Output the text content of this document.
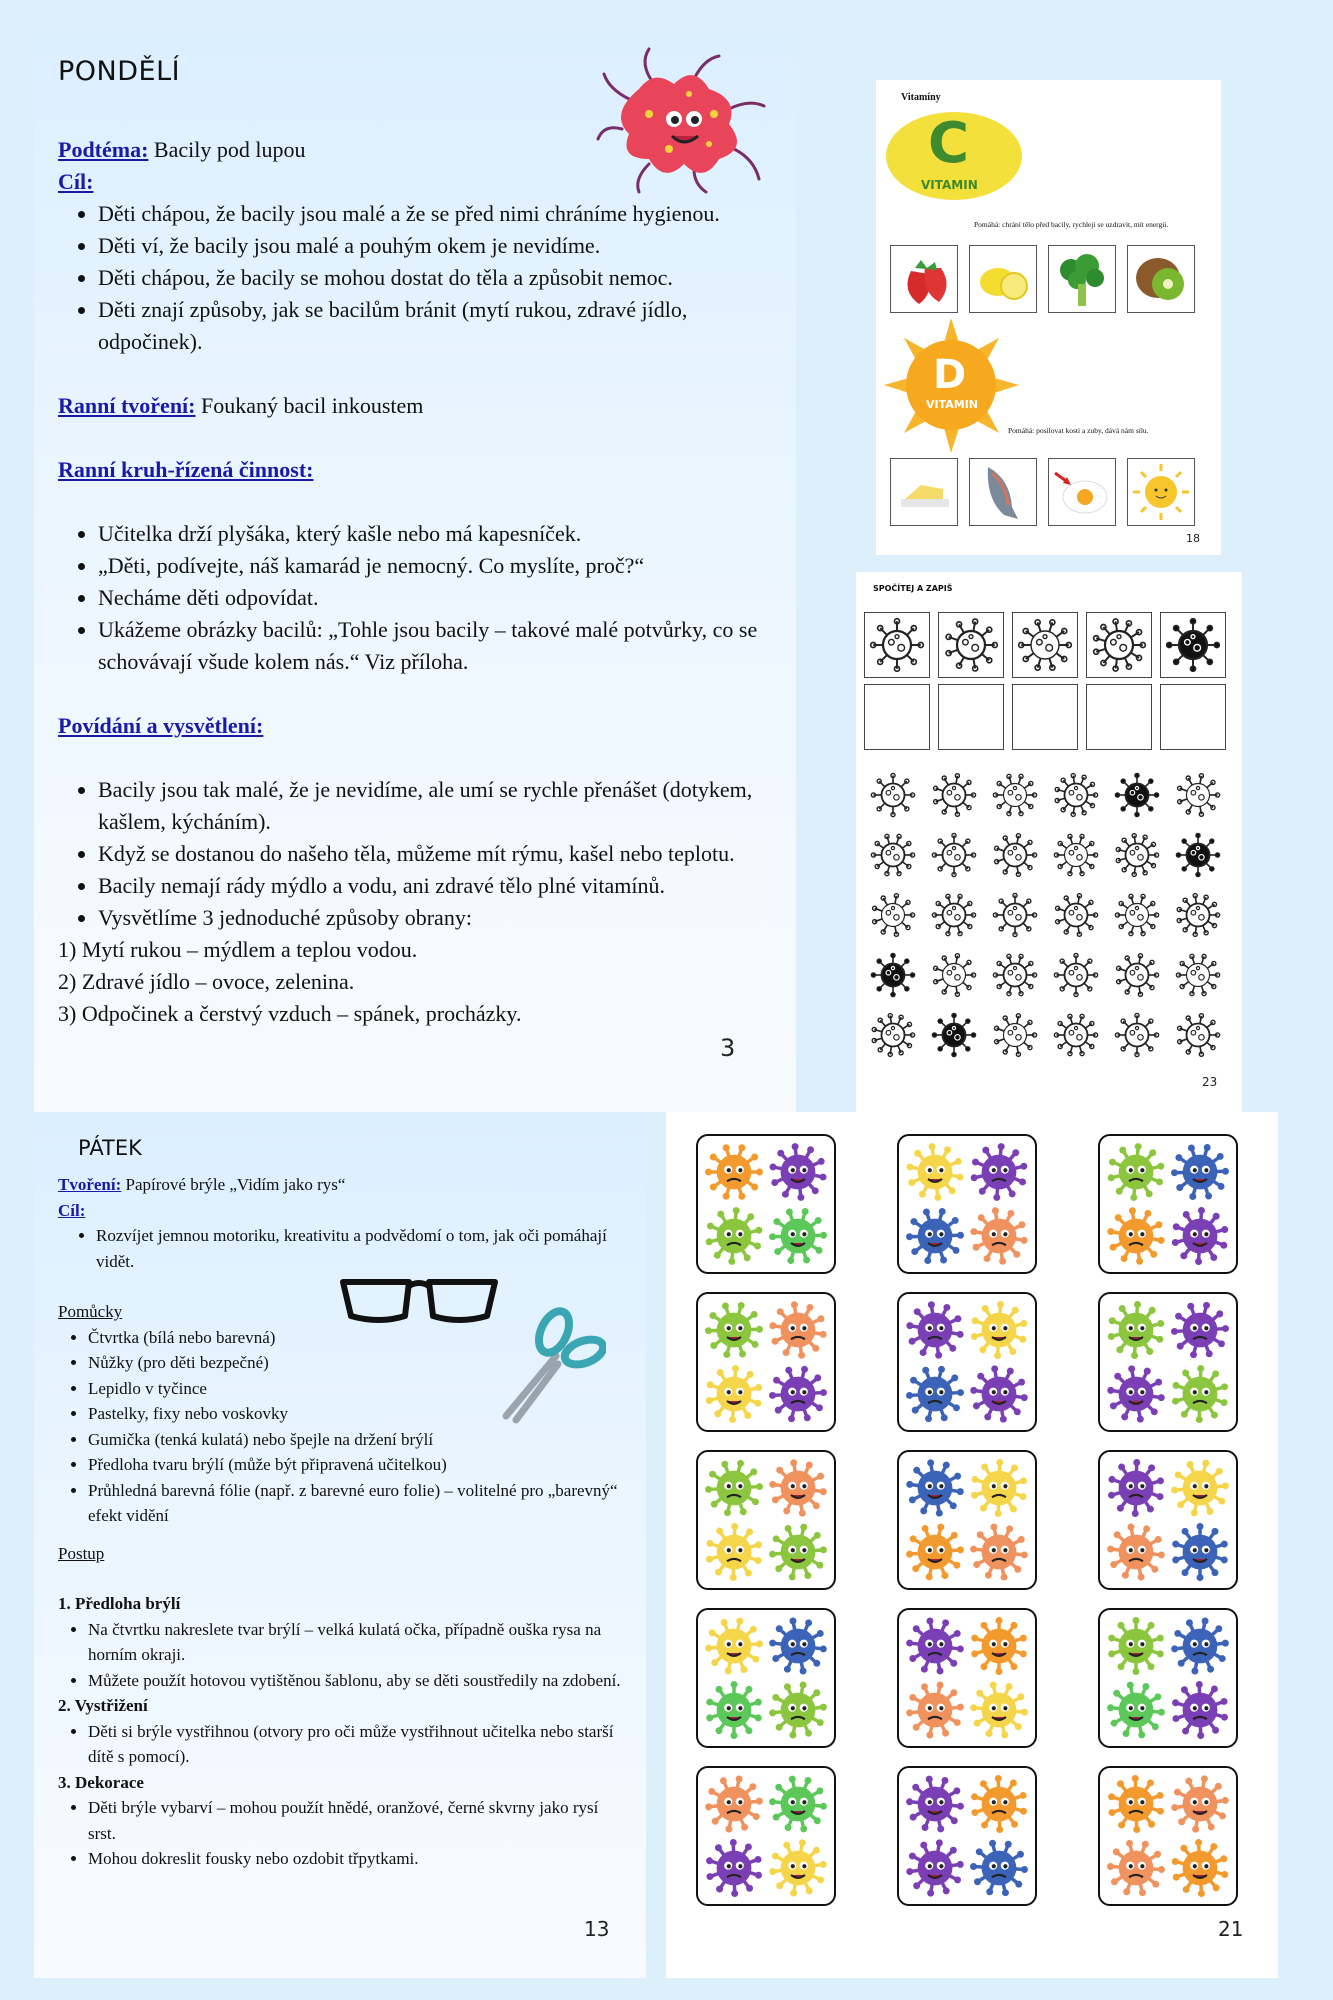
PONDĚLÍ
Podtéma: Bacily pod lupou
Cíl:
• Děti chápou, že bacily jsou malé a že se před nimi chráníme hygienou.
• Děti ví, že bacily jsou malé a pouhým okem je nevidíme.
• Děti chápou, že bacily se mohou dostat do těla a způsobit nemoc.
• Děti znají způsoby, jak se bacilům bránit (mytí rukou, zdravé jídlo, odpočinek).
Ranní tvoření: Foukaný bacil inkoustem
Ranní kruh-řízená činnost:
• Učitelka drží plyšáka, který kašle nebo má kapesníček.
• „Děti, podívejte, náš kamarád je nemocný. Co myslíte, proč?“
• Necháme děti odpovídat.
• Ukážeme obrázky bacilů: „Tohle jsou bacily – takové malé potvůrky, co se schovávají všude kolem nás.“ Viz příloha.
Povídání a vysvětlení:
• Bacily jsou tak malé, že je nevidíme, ale umí se rychle přenášet (dotykem, kašlem, kýcháním).
• Když se dostanou do našeho těla, můžeme mít rýmu, kašel nebo teplotu.
• Bacily nemají rády mýdlo a vodu, ani zdravé tělo plné vitamínů.
• Vysvětlíme 3 jednoduché způsoby obrany:
1) Mytí rukou – mýdlem a teplou vodou.
2) Zdravé jídlo – ovoce, zelenina.
3) Odpočinek a čerstvý vzduch – spánek, procházky.
3
Vitamíny
C
VITAMIN
Pomáhá: chrání tělo před bacily, rychleji se uzdravit, mít energii.
D
VITAMIN
Pomáhá: posilovat kosti a zuby, dává nám sílu.
18
SPOČÍTEJ A ZAPIŠ
23
PÁTEK
Tvoření: Papírové brýle „Vidím jako rys“
Cíl:
• Rozvíjet jemnou motoriku, kreativitu a podvědomí o tom, jak oči pomáhají vidět.
Pomůcky
• Čtvrtka (bílá nebo barevná)
• Nůžky (pro děti bezpečné)
• Lepidlo v tyčince
• Pastelky, fixy nebo voskovky
• Gumička (tenká kulatá) nebo špejle na držení brýlí
• Předloha tvaru brýlí (může být připravená učitelkou)
• Průhledná barevná fólie (např. z barevné euro folie) – volitelné pro „barevný“ efekt vidění
Postup
1. Předloha brýlí
• Na čtvrtku nakreslete tvar brýlí – velká kulatá očka, případně ouška rysa na horním okraji.
• Můžete použít hotovou vytištěnou šablonu, aby se děti soustředily na zdobení.
2. Vystřižení
• Děti si brýle vystřihnou (otvory pro oči může vystřihnout učitelka nebo starší dítě s pomocí).
3. Dekorace
• Děti brýle vybarví – mohou použít hnědé, oranžové, černé skvrny jako rysí srst.
• Mohou dokreslit fousky nebo ozdobit třpytkami.
13	21
